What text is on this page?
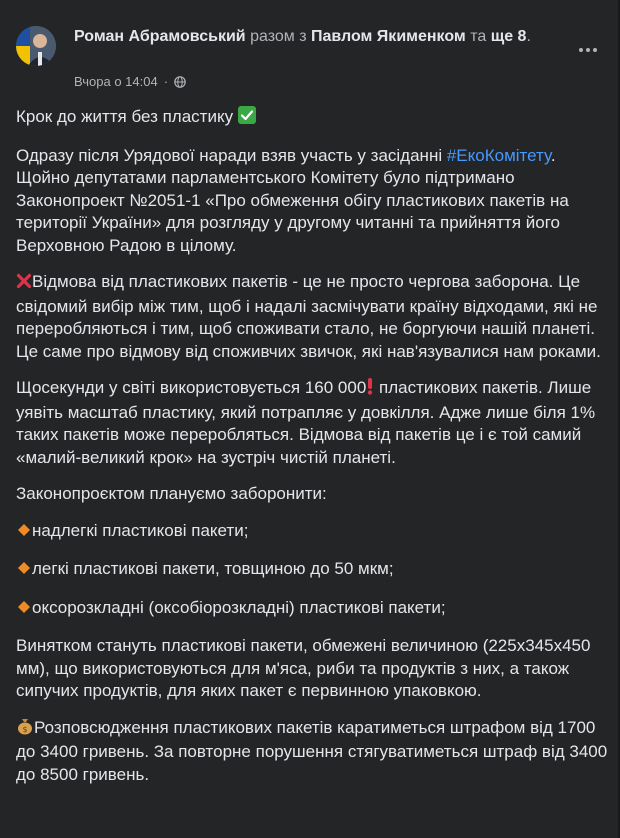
Роман Абрамовський разом з Павлом Якименком та ще 8.
Вчора о 14:04 ·

Крок до життя без пластику

Одразу після Урядової наради взяв участь у засіданні #ЕкоКомітету. Щойно депутатами парламентського Комітету було підтримано Законопроект №2051-1 «Про обмеження обігу пластикових пакетів на території України» для розгляду у другому читанні та прийняття його Верховною Радою в цілому.

Відмова від пластикових пакетів - це не просто чергова заборона. Це свідомий вибір між тим, щоб і надалі засмічувати країну відходами, які не переробляються і тим, щоб споживати стало, не боргуючи нашій планеті. Це саме про відмову від споживчих звичок, які нав'язувалися нам роками.

Щосекунди у світі використовується 160 000 пластикових пакетів. Лише уявіть масштаб пластику, який потрапляє у довкілля. Адже лише біля 1% таких пакетів може переробляться. Відмова від пакетів це і є той самий «малий-великий крок» на зустріч чистій планеті.

Законопроєктом плануємо заборонити:

надлегкі пластикові пакети;

легкі пластикові пакети, товщиною до 50 мкм;

оксорозкладні (оксобіорозкладні) пластикові пакети;

Винятком стануть пластикові пакети, обмежені величиною (225х345х450 мм), що використовуються для м'яса, риби та продуктів з них, а також сипучих продуктів, для яких пакет є первинною упаковкою.

$ Розповсюдження пластикових пакетів каратиметься штрафом від 1700 до 3400 гривень. За повторне порушення стягуватиметься штраф від 3400 до 8500 гривень.
